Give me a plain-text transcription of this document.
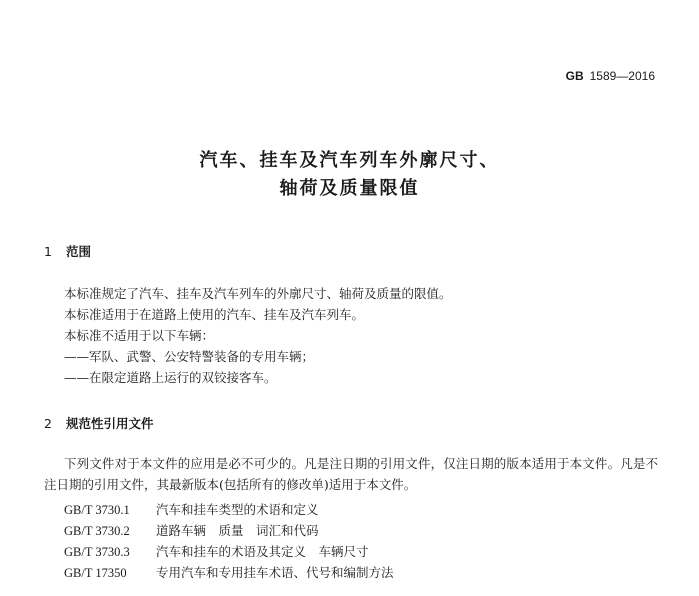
GB 1589—2016
汽车、挂车及汽车列车外廓尺寸、
轴荷及质量限值
1 范围
本标准规定了汽车、挂车及汽车列车的外廓尺寸、轴荷及质量的限值。
本标准适用于在道路上使用的汽车、挂车及汽车列车。
本标准不适用于以下车辆：
——军队、武警、公安特警装备的专用车辆；
——在限定道路上运行的双铰接客车。
2 规范性引用文件
下列文件对于本文件的应用是必不可少的。凡是注日期的引用文件，仅注日期的版本适用于本文件。凡是不注日期的引用文件，其最新版本(包括所有的修改单)适用于本文件。
GB/T 3730.1 汽车和挂车类型的术语和定义
GB/T 3730.2 道路车辆　质量　词汇和代码
GB/T 3730.3 汽车和挂车的术语及其定义　车辆尺寸
GB/T 17350 专用汽车和专用挂车术语、代号和编制方法
